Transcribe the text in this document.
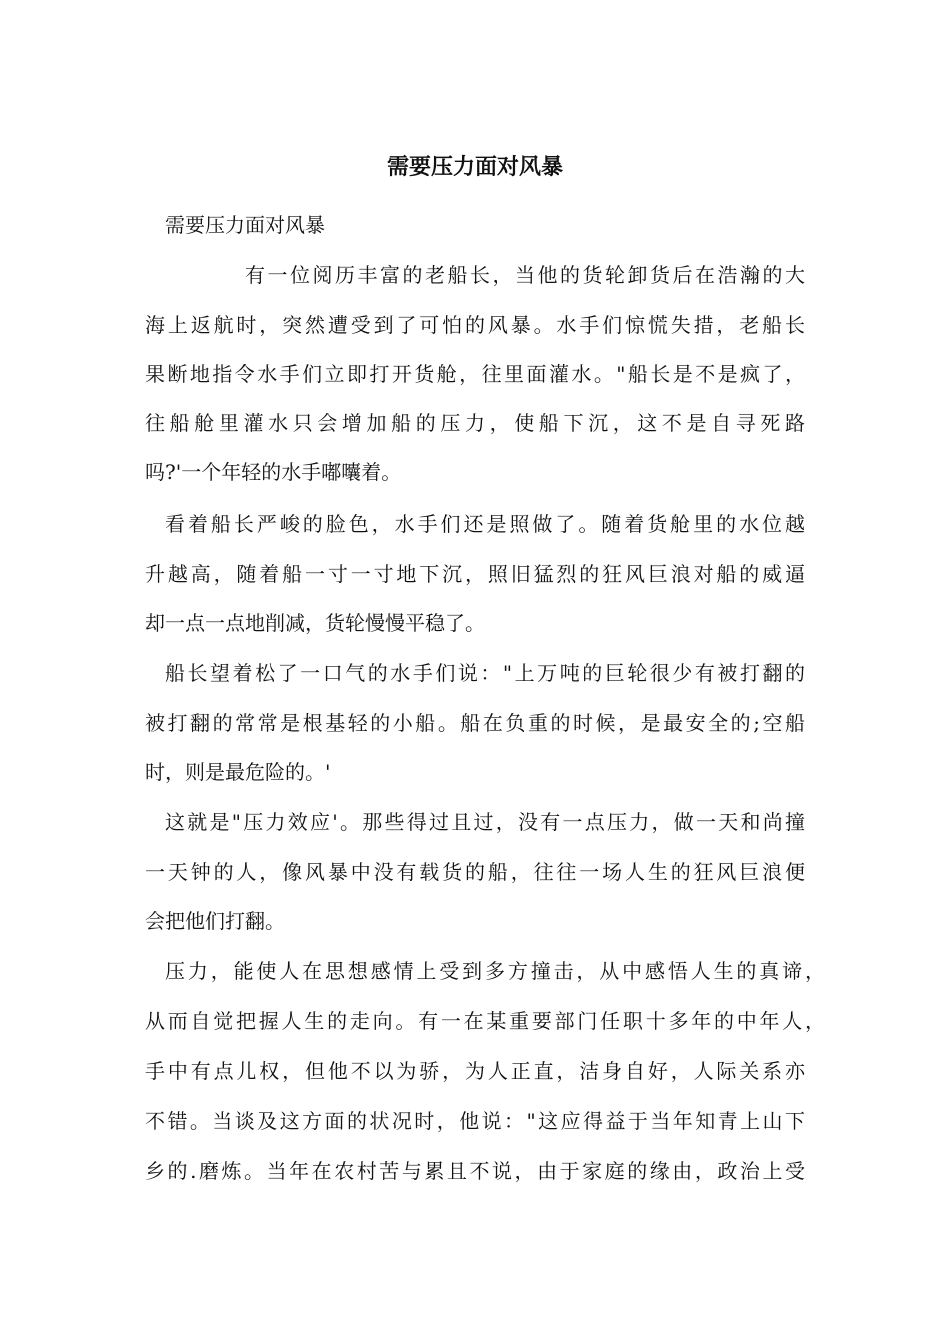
需要压力面对风暴
需要压力面对风暴
有一位阅历丰富的老船长，当他的货轮卸货后在浩瀚的大
海上返航时，突然遭受到了可怕的风暴。水手们惊慌失措，老船长
果断地指令水手们立即打开货舱，往里面灌水。"船长是不是疯了，
往船舱里灌水只会增加船的压力，使船下沉，这不是自寻死路
吗?'一个年轻的水手嘟囔着。
看着船长严峻的脸色，水手们还是照做了。随着货舱里的水位越
升越高，随着船一寸一寸地下沉，照旧猛烈的狂风巨浪对船的威逼
却一点一点地削减，货轮慢慢平稳了。
船长望着松了一口气的水手们说："上万吨的巨轮很少有被打翻的
被打翻的常常是根基轻的小船。船在负重的时候，是最安全的;空船
时，则是最危险的。'
这就是"压力效应'。那些得过且过，没有一点压力，做一天和尚撞
一天钟的人，像风暴中没有载货的船，往往一场人生的狂风巨浪便
会把他们打翻。
压力，能使人在思想感情上受到多方撞击，从中感悟人生的真谛，
从而自觉把握人生的走向。有一在某重要部门任职十多年的中年人，
手中有点儿权，但他不以为骄，为人正直，洁身自好，人际关系亦
不错。当谈及这方面的状况时，他说："这应得益于当年知青上山下
乡的.磨炼。当年在农村苦与累且不说，由于家庭的缘由，政治上受
